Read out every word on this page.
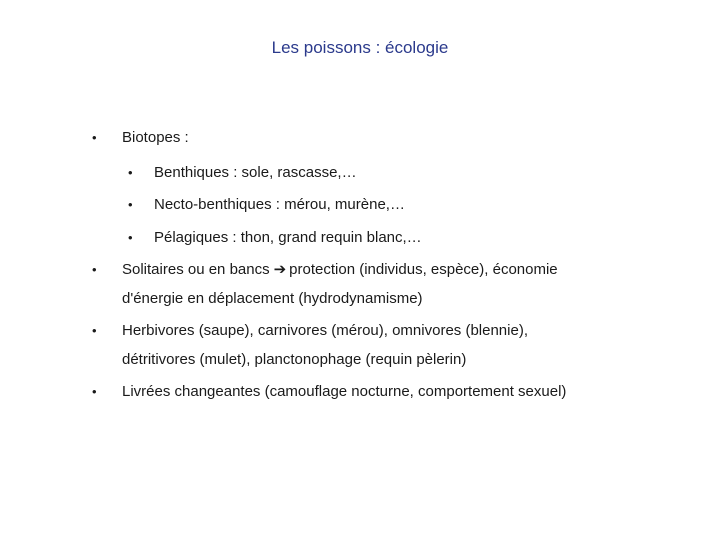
Les poissons : écologie
• Biotopes :
• Benthiques : sole, rascasse,…
• Necto-benthiques : mérou, murène,…
• Pélagiques : thon, grand requin blanc,…
• Solitaires ou en bancs ➔ protection (individus, espèce), économie
d'énergie en déplacement (hydrodynamisme)
• Herbivores (saupe), carnivores (mérou), omnivores (blennie),
détritivores (mulet), planctonophage (requin pèlerin)
• Livrées changeantes (camouflage nocturne, comportement sexuel)
